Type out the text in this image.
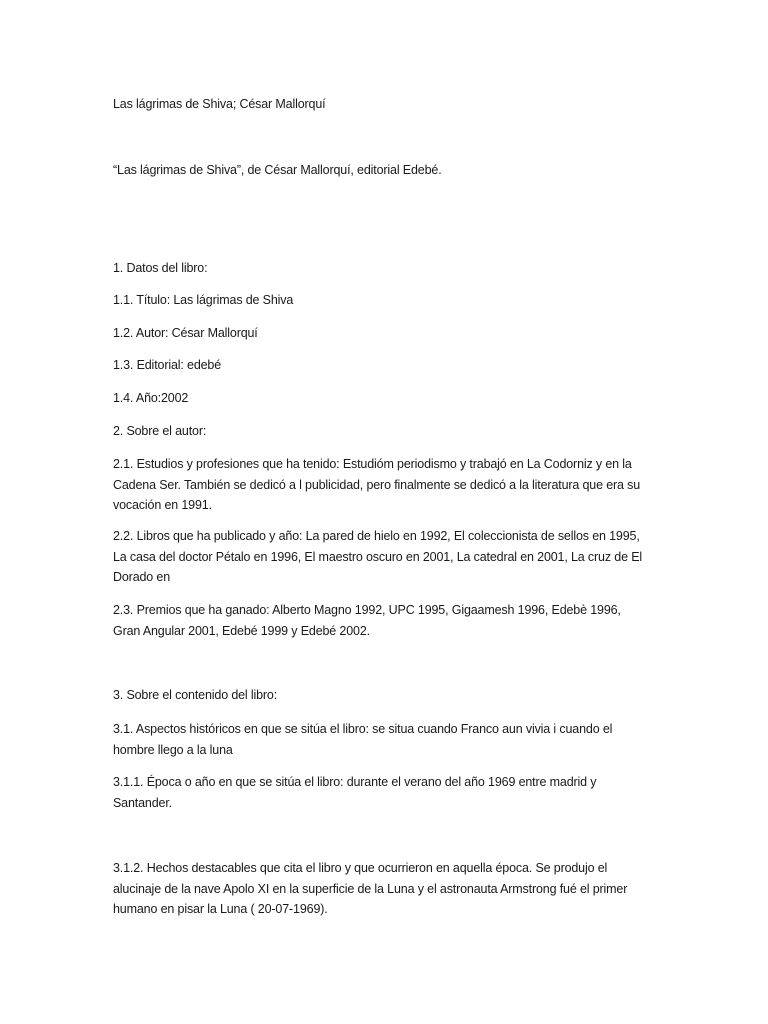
Las lágrimas de Shiva; César Mallorquí

“Las lágrimas de Shiva”, de César Mallorquí, editorial Edebé.

1. Datos del libro:

1.1. Título: Las lágrimas de Shiva

1.2. Autor: César Mallorquí

1.3. Editorial: edebé

1.4. Año:2002

2. Sobre el autor:

2.1. Estudios y profesiones que ha tenido: Estudióm periodismo y trabajó en La Codorniz y en la Cadena Ser. También se dedicó a l publicidad, pero finalmente se dedicó a la literatura que era su vocación en 1991.

2.2. Libros que ha publicado y año: La pared de hielo en 1992, El coleccionista de sellos en 1995, La casa del doctor Pétalo en 1996, El maestro oscuro en 2001, La catedral en 2001, La cruz de El Dorado en

2.3. Premios que ha ganado: Alberto Magno 1992, UPC 1995, Gigaamesh 1996, Edebè 1996, Gran Angular 2001, Edebé 1999 y Edebé 2002.

3. Sobre el contenido del libro:

3.1. Aspectos históricos en que se sitúa el libro: se situa cuando Franco aun vivia i cuando el hombre llego a la luna

3.1.1. Época o año en que se sitúa el libro: durante el verano del año 1969 entre madrid y Santander.

3.1.2. Hechos destacables que cita el libro y que ocurrieron en aquella época. Se produjo el alucinaje de la nave Apolo XI en la superficie de la Luna y el astronauta Armstrong fué el primer humano en pisar la Luna ( 20-07-1969).
